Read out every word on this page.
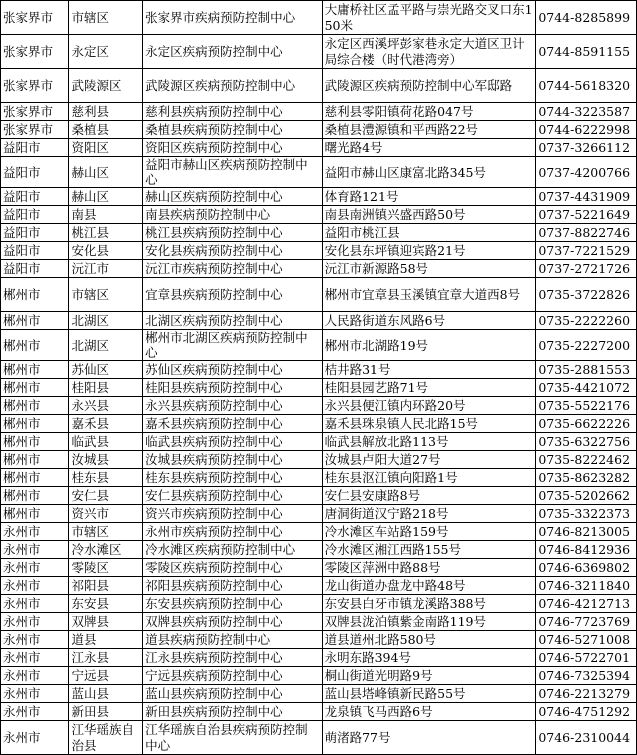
张家界市	市辖区	张家界市疾病预防控制中心	大庸桥社区孟平路与崇光路交叉口东150米	0744-8285899
张家界市	永定区	永定区疾病预防控制中心	永定区西溪坪彭家巷永定大道区卫计局综合楼（时代港湾旁）	0744-8591155
张家界市	武陵源区	武陵源区疾病预防控制中心	武陵源区疾病预防控制中心军邸路	0744-5618320
张家界市	慈利县	慈利县疾病预防控制中心	慈利县零阳镇荷花路047号	0744-3223587
张家界市	桑植县	桑植县疾病预防控制中心	桑植县澧源镇和平西路22号	0744-6222998
益阳市	资阳区	资阳区疾病预防控制中心	曙光路4号	0737-3266112
益阳市	赫山区	益阳市赫山区疾病预防控制中心	益阳市赫山区康富北路345号	0737-4200766
益阳市	赫山区	赫山区疾病预防控制中心	体育路121号	0737-4431909
益阳市	南县	南县疾病预防控制中心	南县南洲镇兴盛西路50号	0737-5221649
益阳市	桃江县	桃江县疾病预防控制中心	益阳市桃江县	0737-8822746
益阳市	安化县	安化县疾病预防控制中心	安化县东坪镇迎宾路21号	0737-7221529
益阳市	沅江市	沅江市疾病预防控制中心	沅江市新源路58号	0737-2721726
郴州市	市辖区	宜章县疾病预防控制中心	郴州市宜章县玉溪镇宜章大道西8号	0735-3722826
郴州市	北湖区	北湖区疾病预防控制中心	人民路街道东风路6号	0735-2222260
郴州市	北湖区	郴州市北湖区疾病预防控制中心	郴州市北湖路19号	0735-2227200
郴州市	苏仙区	苏仙区疾病预防控制中心	桔井路31号	0735-2881553
郴州市	桂阳县	桂阳县疾病预防控制中心	桂阳县园艺路71号	0735-4421072
郴州市	永兴县	永兴县疾病预防控制中心	永兴县便江镇内环路20号	0735-5522176
郴州市	嘉禾县	嘉禾县疾病预防控制中心	嘉禾县珠泉镇人民北路15号	0735-6622226
郴州市	临武县	临武县疾病预防控制中心	临武县解放北路113号	0735-6322756
郴州市	汝城县	汝城县疾病预防控制中心	汝城县卢阳大道27号	0735-8222462
郴州市	桂东县	桂东县疾病预防控制中心	桂东县沤江镇向阳路1号	0735-8623282
郴州市	安仁县	安仁县疾病预防控制中心	安仁县安康路8号	0735-5202662
郴州市	资兴市	资兴市疾病预防控制中心	唐洞街道汉宁路218号	0735-3322373
永州市	市辖区	永州市疾病预防控制中心	冷水滩区车站路159号	0746-8213005
永州市	冷水滩区	冷水滩区疾病预防控制中心	冷水滩区湘江西路155号	0746-8412936
永州市	零陵区	零陵区疾病预防控制中心	零陵区萍洲中路88号	0746-6369802
永州市	祁阳县	祁阳县疾病预防控制中心	龙山街道办盘龙中路48号	0746-3211840
永州市	东安县	东安县疾病预防控制中心	东安县白牙市镇龙溪路388号	0746-4212713
永州市	双牌县	双牌县疾病预防控制中心	双牌县泷泊镇紫金南路119号	0746-7723769
永州市	道县	道县疾病预防控制中心	道县道州北路580号	0746-5271008
永州市	江永县	江永县疾病预防控制中心	永明东路394号	0746-5722701
永州市	宁远县	宁远县疾病预防控制中心	桐山街道光明路9号	0746-7325394
永州市	蓝山县	蓝山县疾病预防控制中心	蓝山县塔峰镇新民路55号	0746-2213279
永州市	新田县	新田县疾病预防控制中心	龙泉镇飞马西路6号	0746-4751292
永州市	江华瑶族自治县	江华瑶族自治县疾病预防控制中心	萌渚路77号	0746-2310044
